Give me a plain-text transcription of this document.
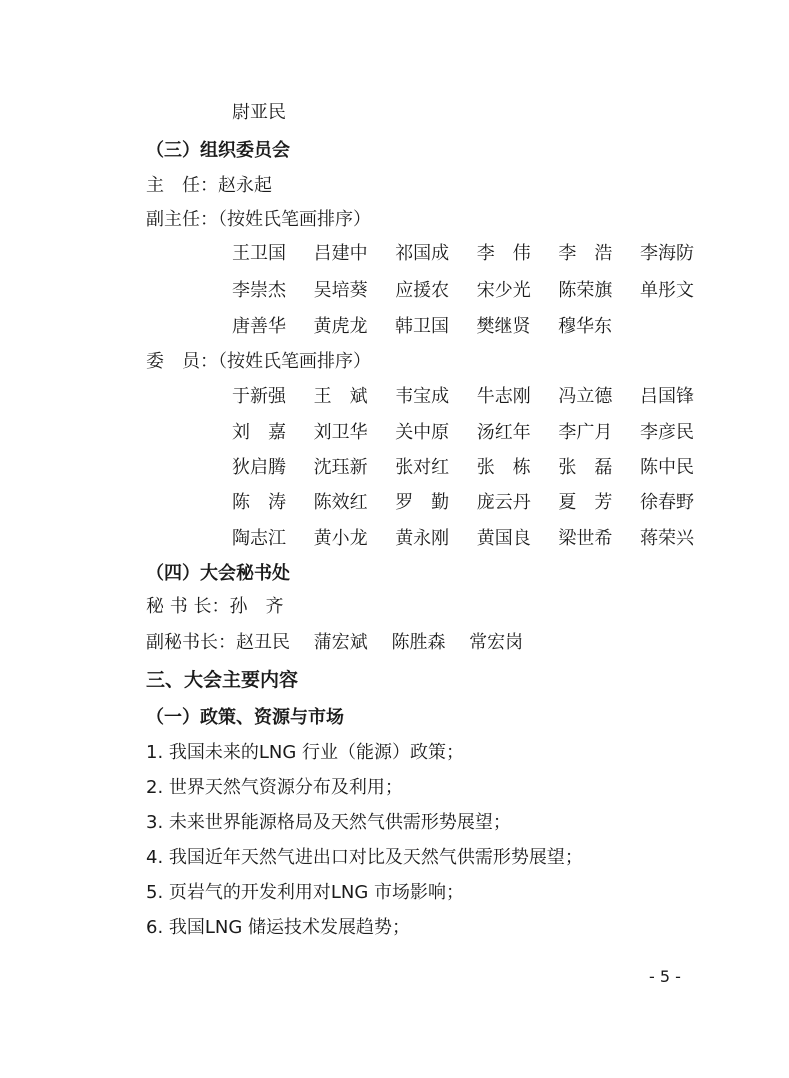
尉亚民
（三）组织委员会
主　任：赵永起
副主任：（按姓氏笔画排序）
王卫国 吕建中 祁国成 李　伟 李　浩 李海防
李崇杰 吴培葵 应援农 宋少光 陈荣旗 单彤文
唐善华 黄虎龙 韩卫国 樊继贤 穆华东
委　员：（按姓氏笔画排序）
于新强 王　斌 韦宝成 牛志刚 冯立德 吕国锋
刘　嘉 刘卫华 关中原 汤红年 李广月 李彦民
狄启腾 沈珏新 张对红 张　栋 张　磊 陈中民
陈　涛 陈效红 罗　勤 庞云丹 夏　芳 徐春野
陶志江 黄小龙 黄永刚 黄国良 梁世希 蒋荣兴
（四）大会秘书处
秘 书 长：孙　齐
副秘书长：赵丑民　 蒲宏斌　 陈胜森　 常宏岗
三、大会主要内容
（一）政策、资源与市场
1. 我国未来的LNG 行业（能源）政策；
2. 世界天然气资源分布及利用；
3. 未来世界能源格局及天然气供需形势展望；
4. 我国近年天然气进出口对比及天然气供需形势展望；
5. 页岩气的开发利用对LNG 市场影响；
6. 我国LNG 储运技术发展趋势；
- 5 -
